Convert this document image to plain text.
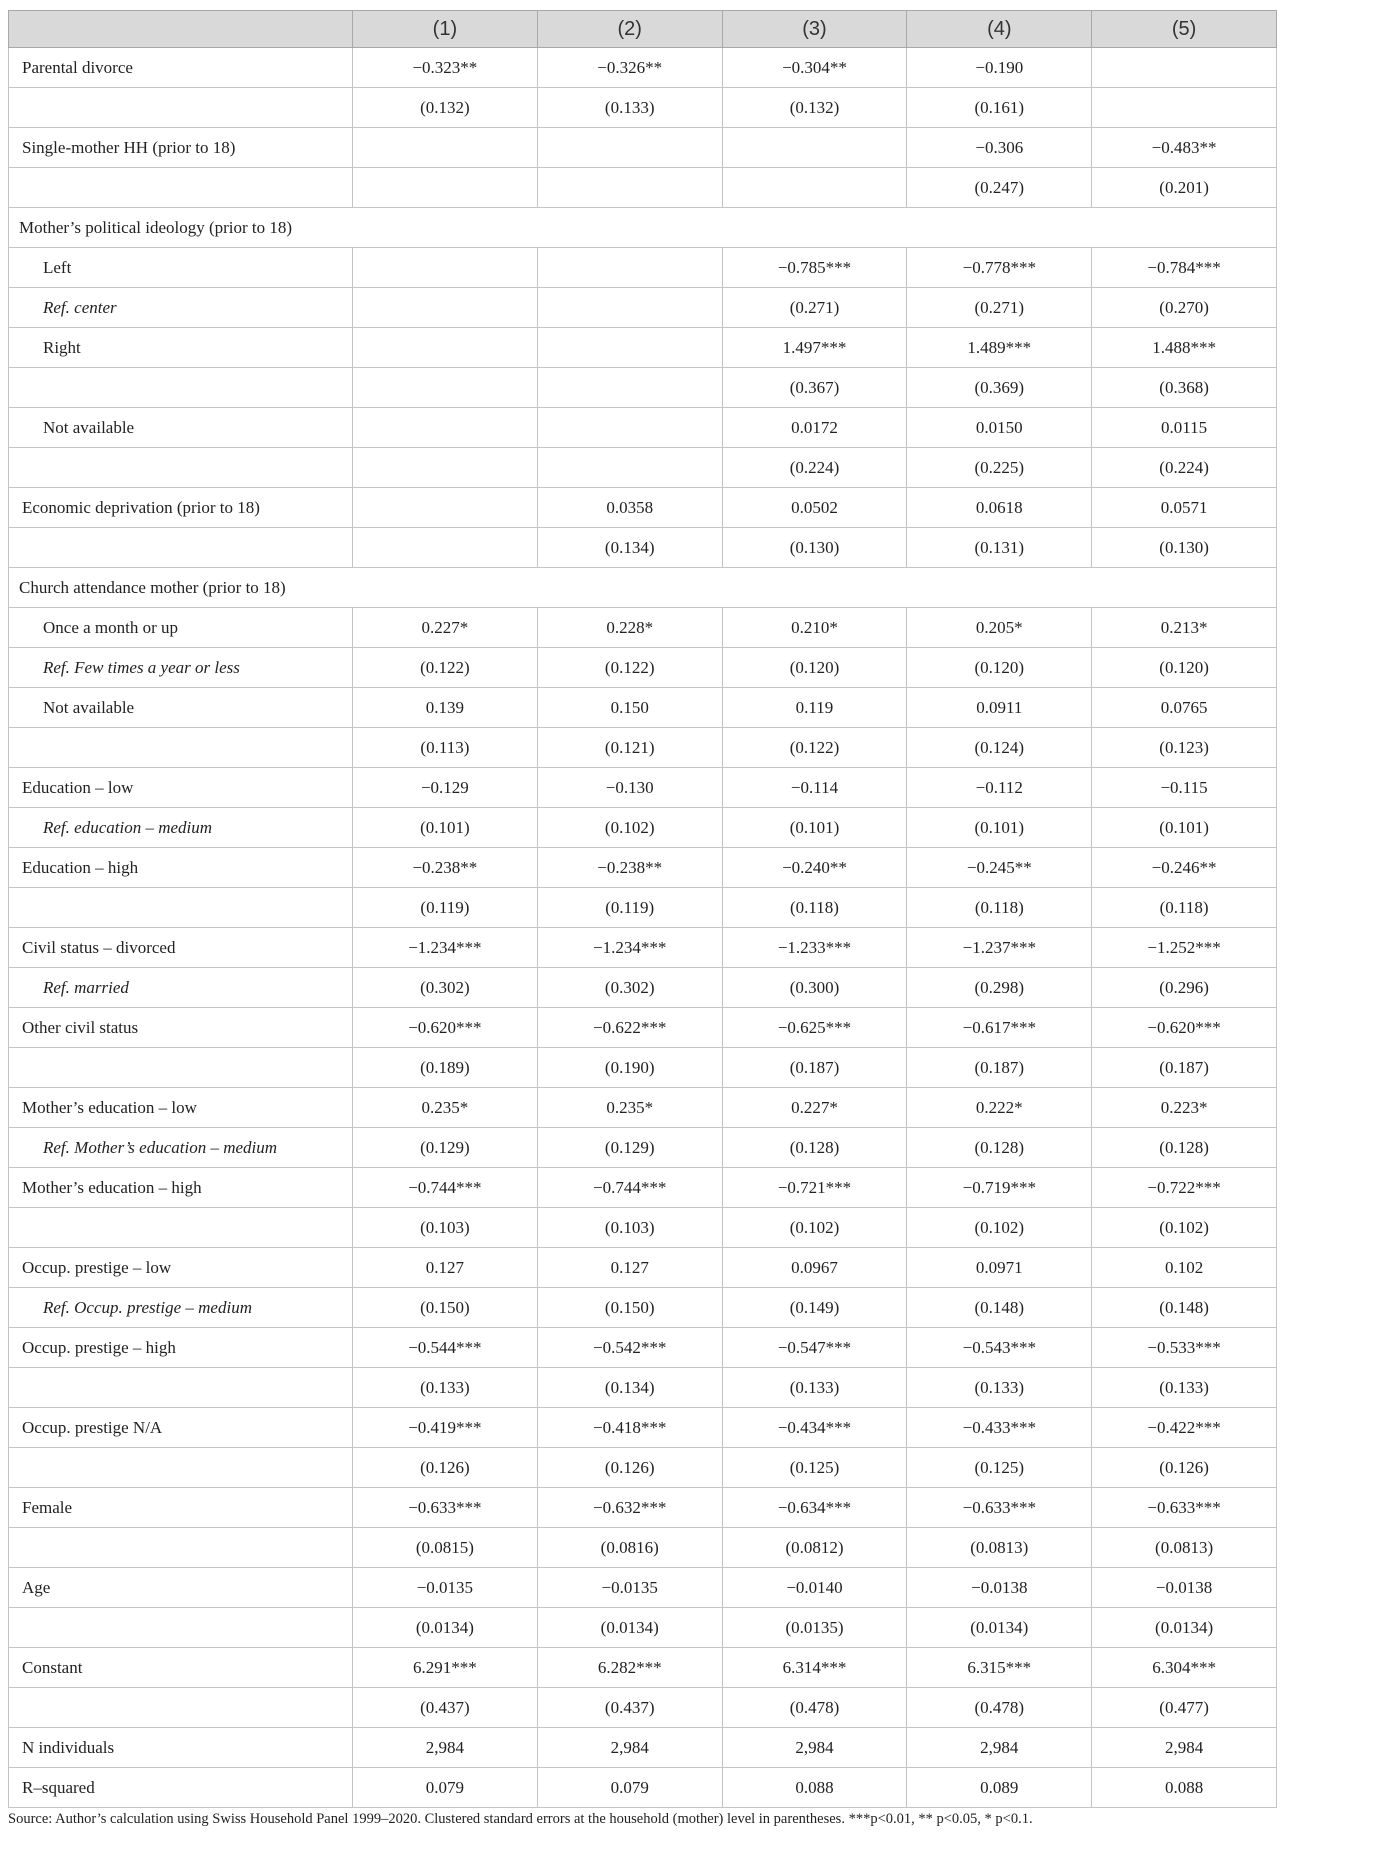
	(1)	(2)	(3)	(4)	(5)
Parental divorce	−0.323**	−0.326**	−0.304**	−0.190	
	(0.132)	(0.133)	(0.132)	(0.161)	
Single-mother HH (prior to 18)				−0.306	−0.483**
				(0.247)	(0.201)
Mother’s political ideology (prior to 18)					
Left			−0.785***	−0.778***	−0.784***
Ref. center			(0.271)	(0.271)	(0.270)
Right			1.497***	1.489***	1.488***
			(0.367)	(0.369)	(0.368)
Not available			0.0172	0.0150	0.0115
			(0.224)	(0.225)	(0.224)
Economic deprivation (prior to 18)		0.0358	0.0502	0.0618	0.0571
		(0.134)	(0.130)	(0.131)	(0.130)
Church attendance mother (prior to 18)					
Once a month or up	0.227*	0.228*	0.210*	0.205*	0.213*
Ref. Few times a year or less	(0.122)	(0.122)	(0.120)	(0.120)	(0.120)
Not available	0.139	0.150	0.119	0.0911	0.0765
	(0.113)	(0.121)	(0.122)	(0.124)	(0.123)
Education – low	−0.129	−0.130	−0.114	−0.112	−0.115
Ref. education – medium	(0.101)	(0.102)	(0.101)	(0.101)	(0.101)
Education – high	−0.238**	−0.238**	−0.240**	−0.245**	−0.246**
	(0.119)	(0.119)	(0.118)	(0.118)	(0.118)
Civil status – divorced	−1.234***	−1.234***	−1.233***	−1.237***	−1.252***
Ref. married	(0.302)	(0.302)	(0.300)	(0.298)	(0.296)
Other civil status	−0.620***	−0.622***	−0.625***	−0.617***	−0.620***
	(0.189)	(0.190)	(0.187)	(0.187)	(0.187)
Mother’s education – low	0.235*	0.235*	0.227*	0.222*	0.223*
Ref. Mother’s education – medium	(0.129)	(0.129)	(0.128)	(0.128)	(0.128)
Mother’s education – high	−0.744***	−0.744***	−0.721***	−0.719***	−0.722***
	(0.103)	(0.103)	(0.102)	(0.102)	(0.102)
Occup. prestige – low	0.127	0.127	0.0967	0.0971	0.102
Ref. Occup. prestige – medium	(0.150)	(0.150)	(0.149)	(0.148)	(0.148)
Occup. prestige – high	−0.544***	−0.542***	−0.547***	−0.543***	−0.533***
	(0.133)	(0.134)	(0.133)	(0.133)	(0.133)
Occup. prestige N/A	−0.419***	−0.418***	−0.434***	−0.433***	−0.422***
	(0.126)	(0.126)	(0.125)	(0.125)	(0.126)
Female	−0.633***	−0.632***	−0.634***	−0.633***	−0.633***
	(0.0815)	(0.0816)	(0.0812)	(0.0813)	(0.0813)
Age	−0.0135	−0.0135	−0.0140	−0.0138	−0.0138
	(0.0134)	(0.0134)	(0.0135)	(0.0134)	(0.0134)
Constant	6.291***	6.282***	6.314***	6.315***	6.304***
	(0.437)	(0.437)	(0.478)	(0.478)	(0.477)
N individuals	2,984	2,984	2,984	2,984	2,984
R–squared	0.079	0.079	0.088	0.089	0.088
Source: Author’s calculation using Swiss Household Panel 1999–2020. Clustered standard errors at the household (mother) level in parentheses. ***p<0.01, ** p<0.05, * p<0.1.
